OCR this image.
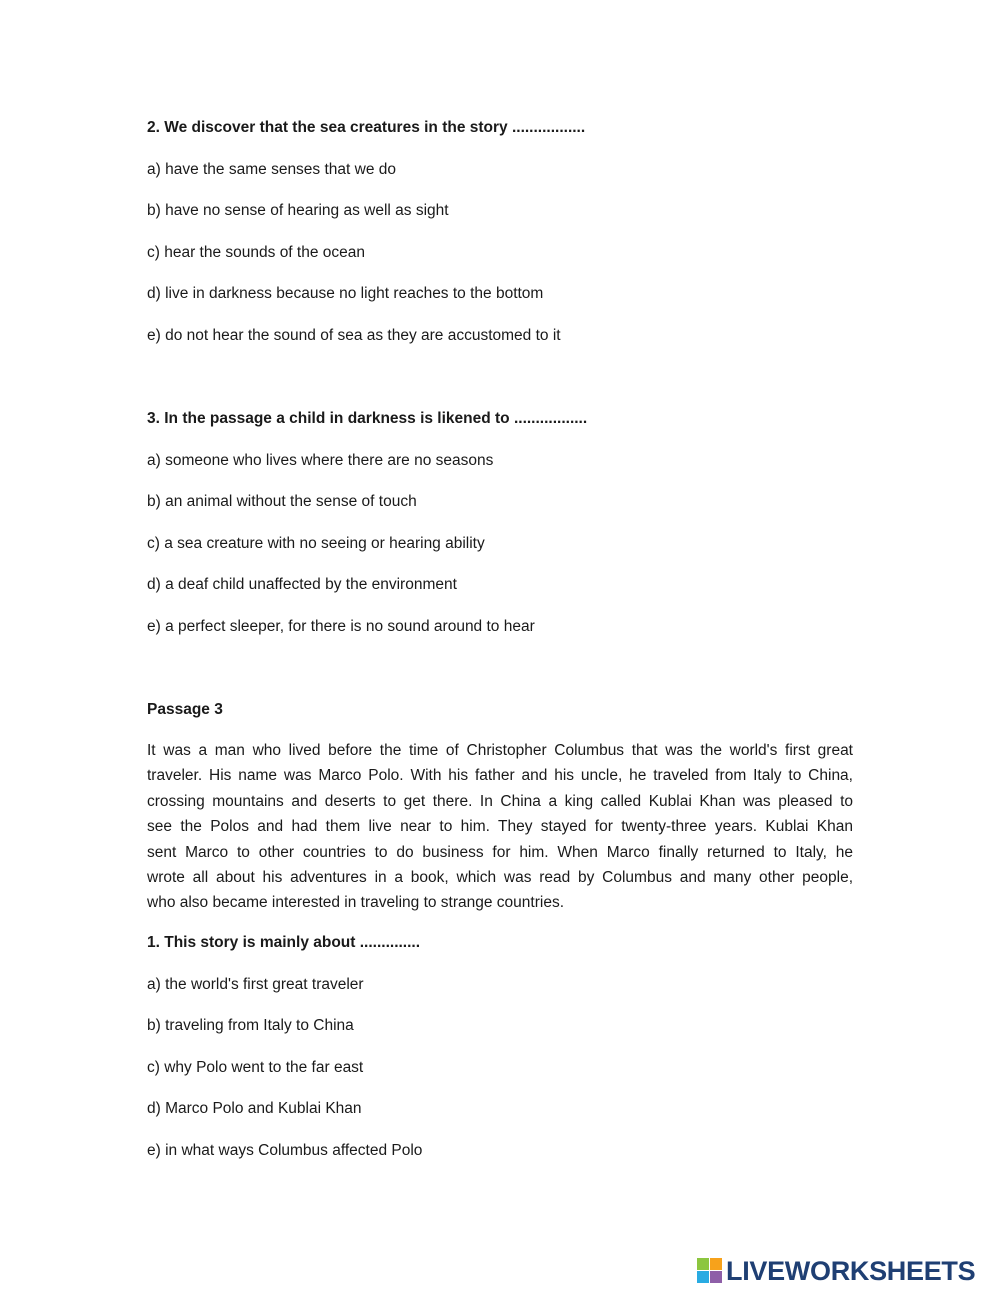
2. We discover that the sea creatures in the story .................
a) have the same senses that we do
b) have no sense of hearing as well as sight
c) hear the sounds of the ocean
d) live in darkness because no light reaches to the bottom
e) do not hear the sound of sea as they are accustomed to it
3. In the passage a child in darkness is likened to .................
a) someone who lives where there are no seasons
b) an animal without the sense of touch
c) a sea creature with no seeing or hearing ability
d) a deaf child unaffected by the environment
e) a perfect sleeper, for there is no sound around to hear
Passage 3
It was a man who lived before the time of Christopher Columbus that was the world's first great
traveler. His name was Marco Polo. With his father and his uncle, he traveled from Italy to China,
crossing mountains and deserts to get there. In China a king called Kublai Khan was pleased to
see the Polos and had them live near to him. They stayed for twenty-three years. Kublai Khan
sent Marco to other countries to do business for him. When Marco finally returned to Italy, he
wrote all about his adventures in a book, which was read by Columbus and many other people,
who also became interested in traveling to strange countries.
1. This story is mainly about ..............
a) the world's first great traveler
b) traveling from Italy to China
c) why Polo went to the far east
d) Marco Polo and Kublai Khan
e) in what ways Columbus affected Polo
LIVEWORKSHEETS
